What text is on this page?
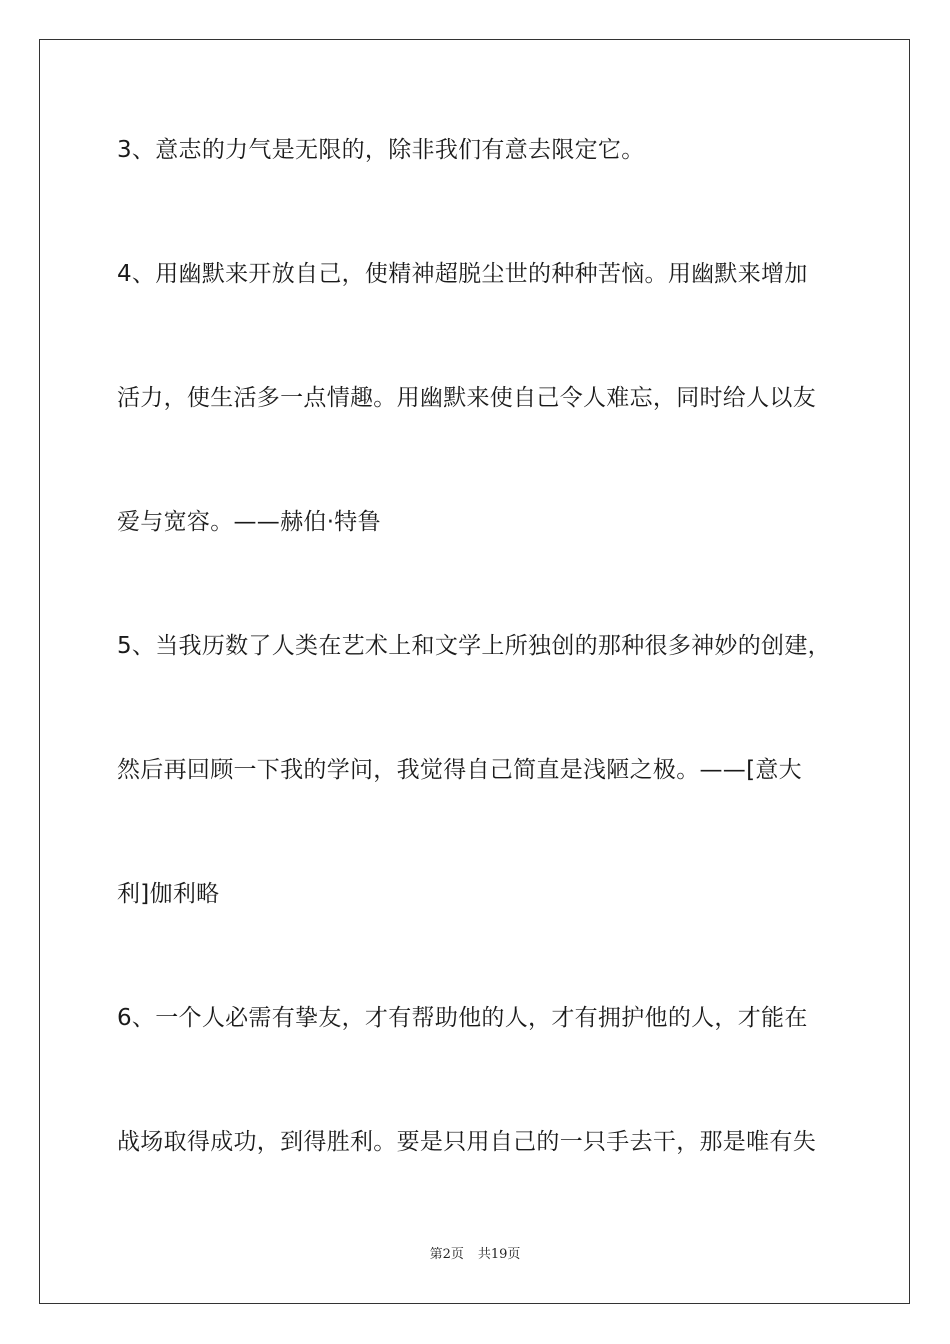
3、意志的力气是无限的，除非我们有意去限定它。

4、用幽默来开放自己，使精神超脱尘世的种种苦恼。用幽默来增加

活力，使生活多一点情趣。用幽默来使自己令人难忘，同时给人以友

爱与宽容。——赫伯·特鲁

5、当我历数了人类在艺术上和文学上所独创的那种很多神妙的创建，

然后再回顾一下我的学问，我觉得自己简直是浅陋之极。——[意大

利]伽利略

6、一个人必需有挚友，才有帮助他的人，才有拥护他的人，才能在

战场取得成功，到得胜利。要是只用自己的一只手去干，那是唯有失

第2页 共19页
